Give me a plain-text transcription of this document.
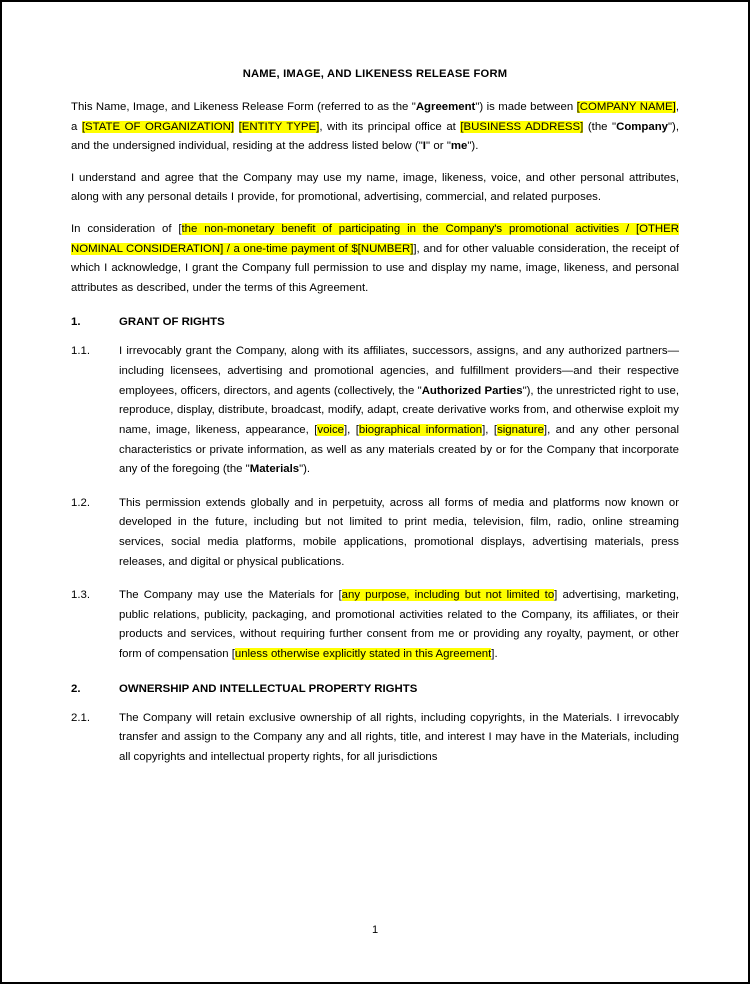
NAME, IMAGE, AND LIKENESS RELEASE FORM

This Name, Image, and Likeness Release Form (referred to as the "Agreement") is made between [COMPANY NAME], a [STATE OF ORGANIZATION] [ENTITY TYPE], with its principal office at [BUSINESS ADDRESS] (the "Company"), and the undersigned individual, residing at the address listed below ("I" or "me").

I understand and agree that the Company may use my name, image, likeness, voice, and other personal attributes, along with any personal details I provide, for promotional, advertising, commercial, and related purposes.

In consideration of [the non-monetary benefit of participating in the Company's promotional activities / [OTHER NOMINAL CONSIDERATION] / a one-time payment of $[NUMBER]], and for other valuable consideration, the receipt of which I acknowledge, I grant the Company full permission to use and display my name, image, likeness, and personal attributes as described, under the terms of this Agreement.

1.	GRANT OF RIGHTS
1.1.	I irrevocably grant the Company, along with its affiliates, successors, assigns, and any authorized partners—including licensees, advertising and promotional agencies, and fulfillment providers—and their respective employees, officers, directors, and agents (collectively, the "Authorized Parties"), the unrestricted right to use, reproduce, display, distribute, broadcast, modify, adapt, create derivative works from, and otherwise exploit my name, image, likeness, appearance, [voice], [biographical information], [signature], and any other personal characteristics or private information, as well as any materials created by or for the Company that incorporate any of the foregoing (the "Materials").
1.2.	This permission extends globally and in perpetuity, across all forms of media and platforms now known or developed in the future, including but not limited to print media, television, film, radio, online streaming services, social media platforms, mobile applications, promotional displays, advertising materials, press releases, and digital or physical publications.
1.3.	The Company may use the Materials for [any purpose, including but not limited to] advertising, marketing, public relations, publicity, packaging, and promotional activities related to the Company, its affiliates, or their products and services, without requiring further consent from me or providing any royalty, payment, or other form of compensation [unless otherwise explicitly stated in this Agreement].
2.	OWNERSHIP AND INTELLECTUAL PROPERTY RIGHTS
2.1.	The Company will retain exclusive ownership of all rights, including copyrights, in the Materials. I irrevocably transfer and assign to the Company any and all rights, title, and interest I may have in the Materials, including all copyrights and intellectual property rights, for all jurisdictions
1
